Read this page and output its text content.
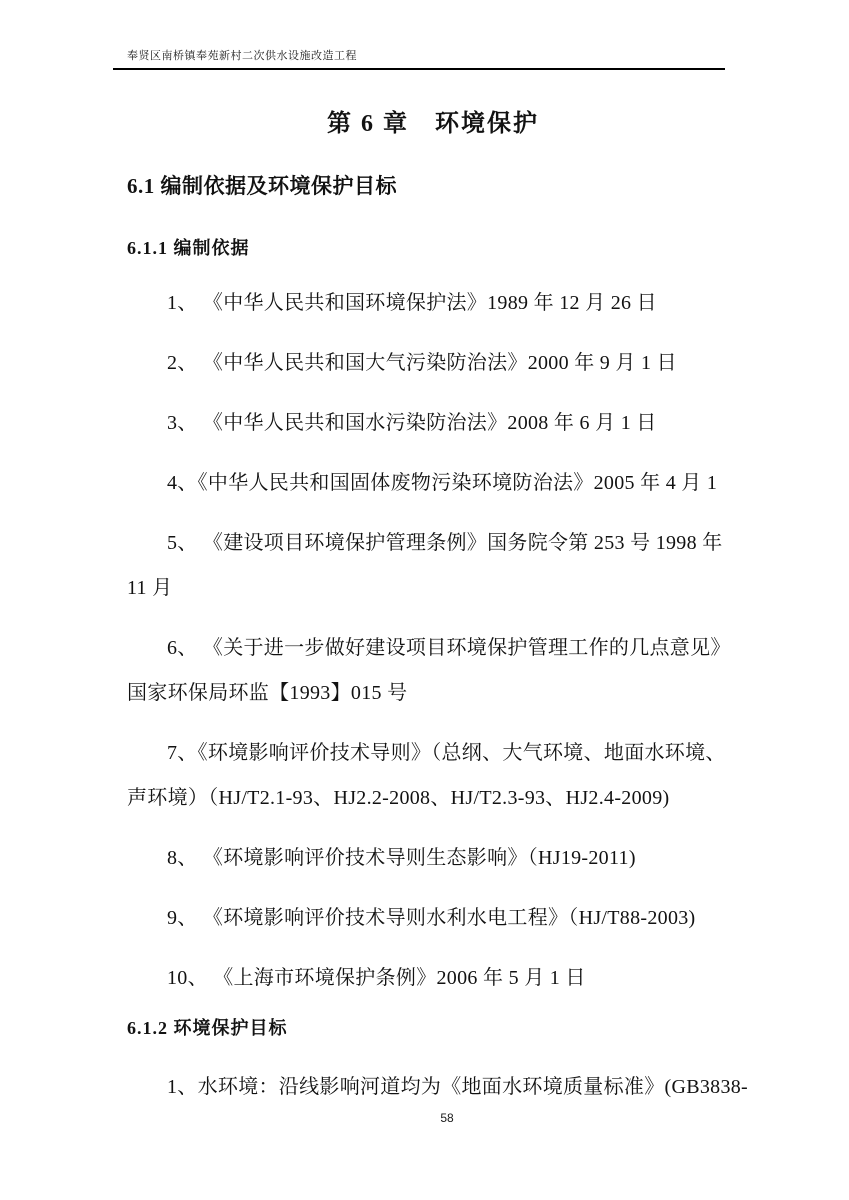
奉贤区南桥镇奉苑新村二次供水设施改造工程
第 6 章　环境保护
6.1 编制依据及环境保护目标
6.1.1 编制依据
1、 《中华人民共和国环境保护法》1989 年 12 月 26 日
2、 《中华人民共和国大气污染防治法》2000 年 9 月 1 日
3、 《中华人民共和国水污染防治法》2008 年 6 月 1 日
4、《中华人民共和国固体废物污染环境防治法》2005 年 4 月 1
5、 《建设项目环境保护管理条例》国务院令第 253 号 1998 年
11 月
6、 《关于进一步做好建设项目环境保护管理工作的几点意见》
国家环保局环监【1993】015 号
7、《环境影响评价技术导则》（总纲、大气环境、地面水环境、
声环境）（HJ/T2.1-93、HJ2.2-2008、HJ/T2.3-93、HJ2.4-2009)
8、 《环境影响评价技术导则生态影响》（HJ19-2011)
9、 《环境影响评价技术导则水利水电工程》（HJ/T88-2003)
10、 《上海市环境保护条例》2006 年 5 月 1 日
6.1.2 环境保护目标
1、水环境：沿线影响河道均为《地面水环境质量标准》(GB3838-
58
